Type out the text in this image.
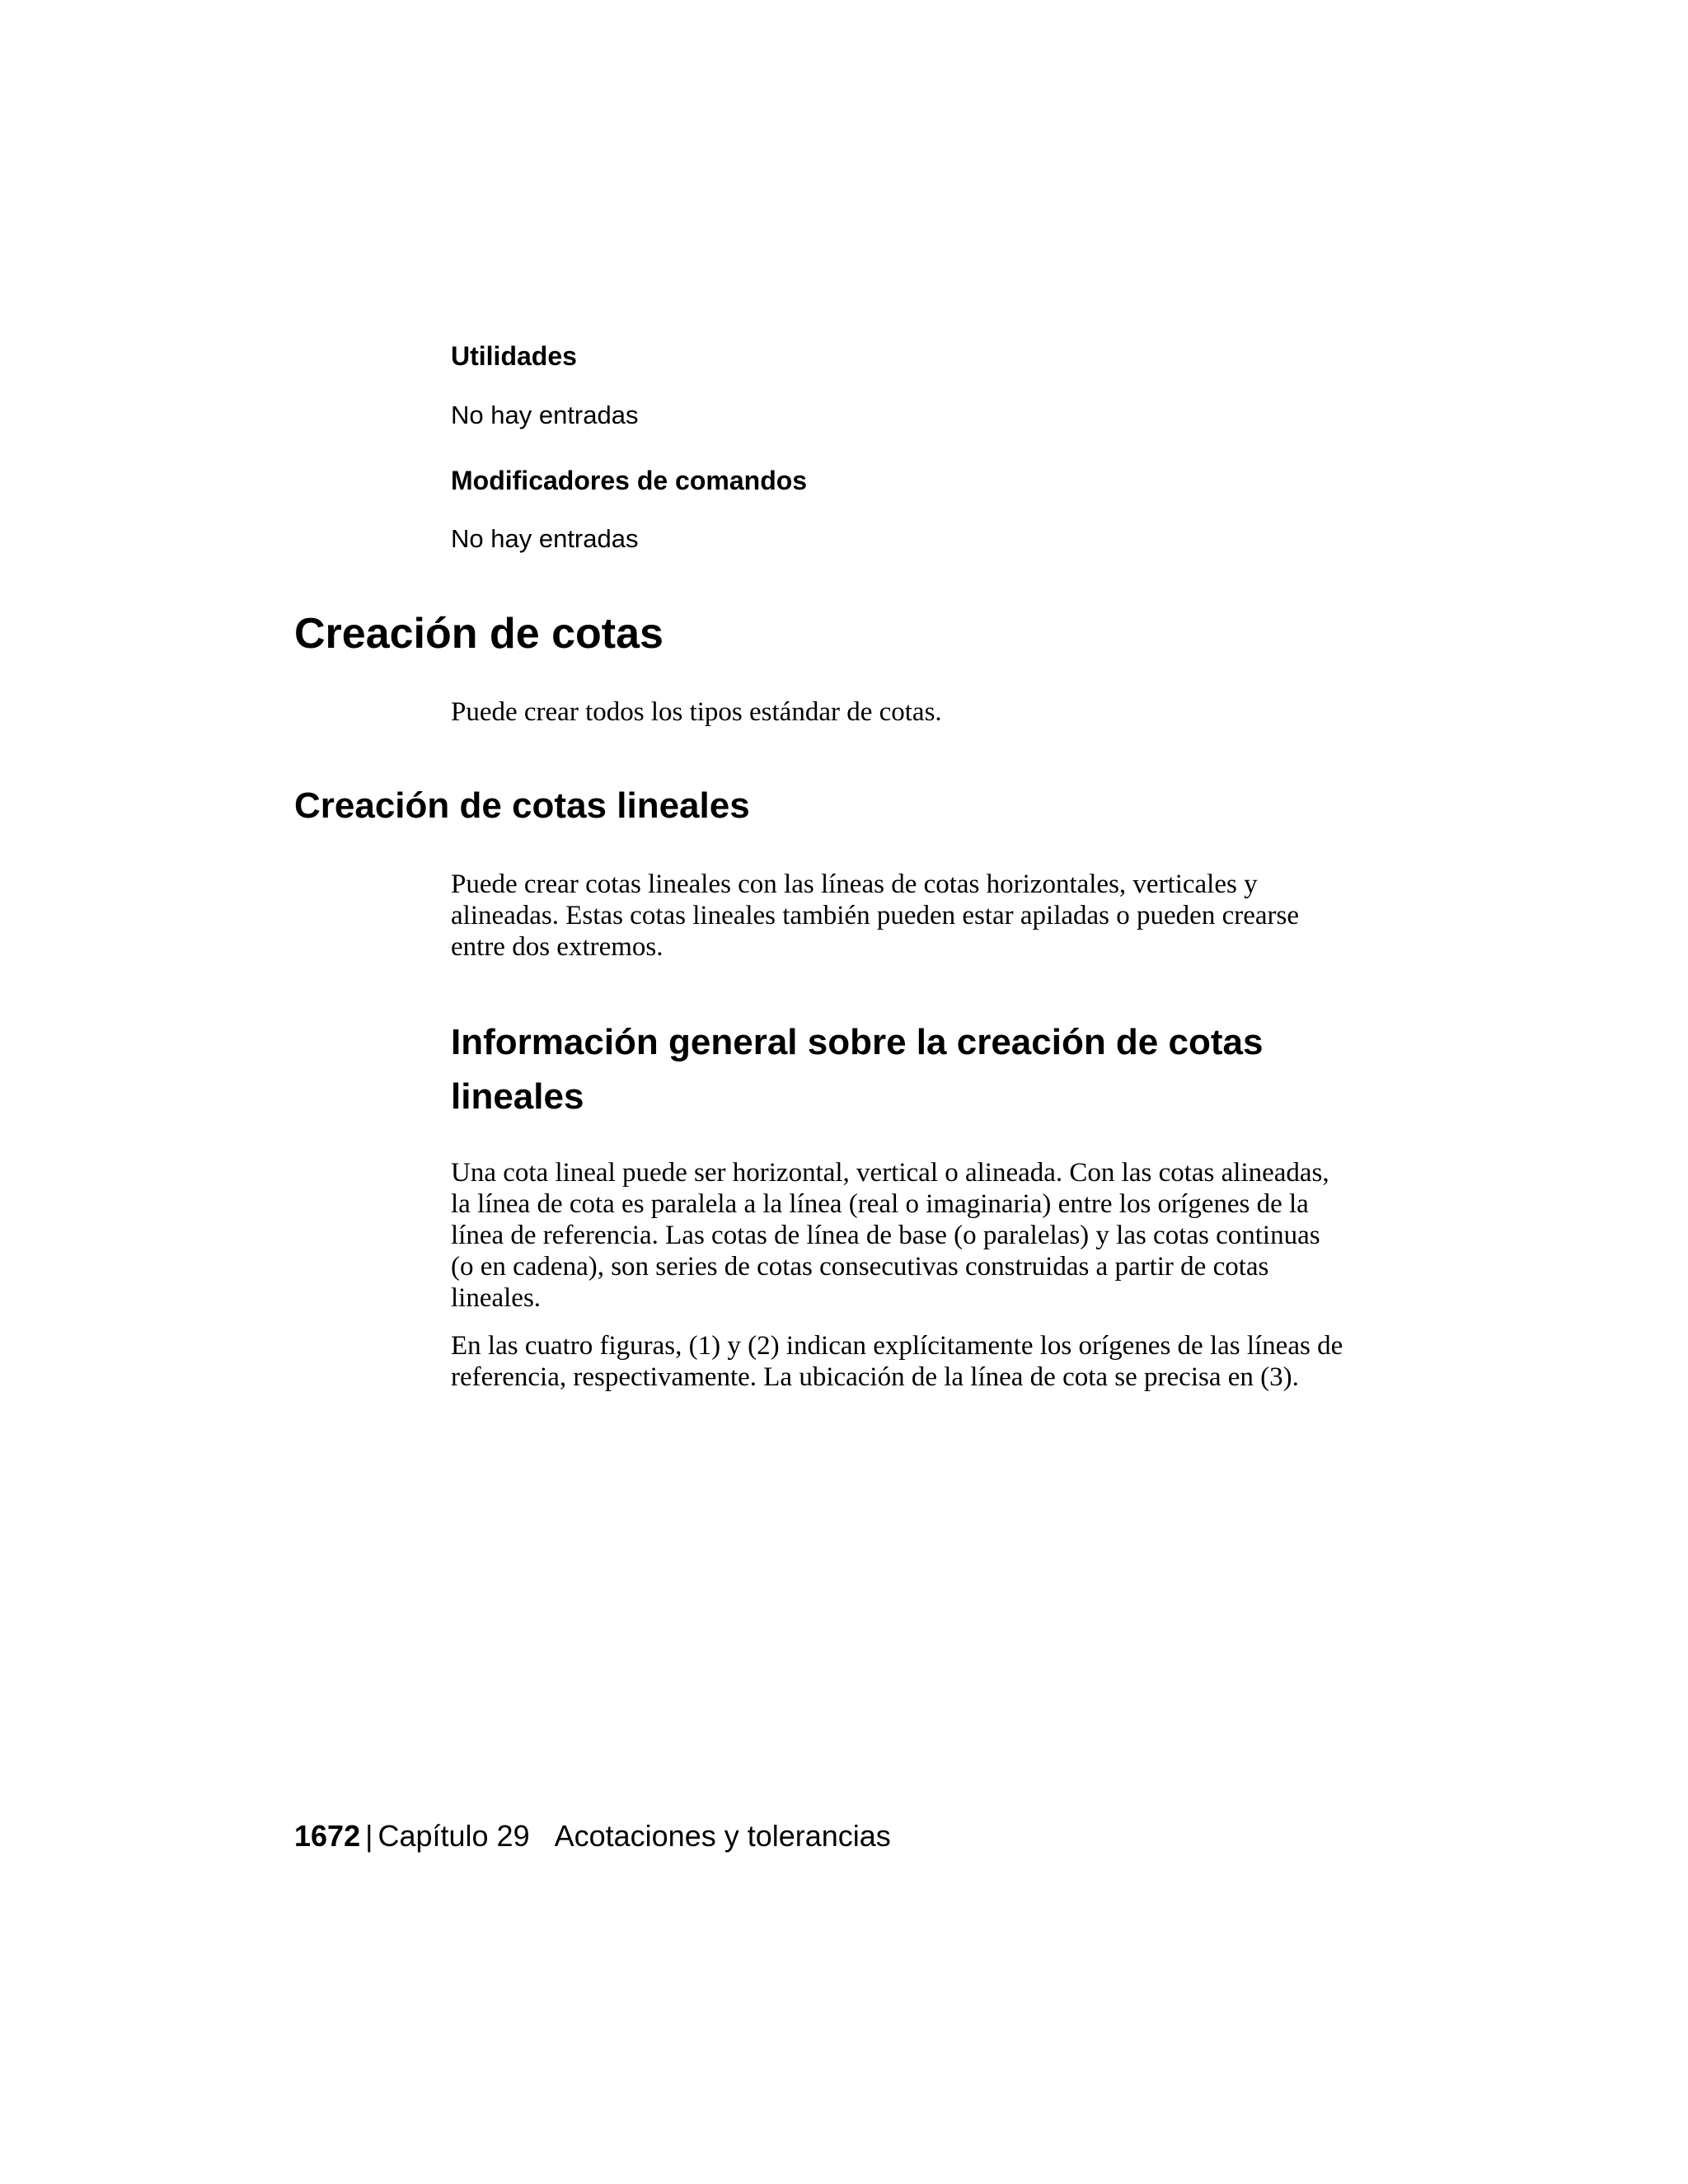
Utilidades

No hay entradas

Modificadores de comandos

No hay entradas

Creación de cotas

Puede crear todos los tipos estándar de cotas.

Creación de cotas lineales

Puede crear cotas lineales con las líneas de cotas horizontales, verticales y alineadas. Estas cotas lineales también pueden estar apiladas o pueden crearse entre dos extremos.

Información general sobre la creación de cotas lineales

Una cota lineal puede ser horizontal, vertical o alineada. Con las cotas alineadas, la línea de cota es paralela a la línea (real o imaginaria) entre los orígenes de la línea de referencia. Las cotas de línea de base (o paralelas) y las cotas continuas (o en cadena), son series de cotas consecutivas construidas a partir de cotas lineales.

En las cuatro figuras, (1) y (2) indican explícitamente los orígenes de las líneas de referencia, respectivamente. La ubicación de la línea de cota se precisa en (3).

1672 | Capítulo 29 Acotaciones y tolerancias
